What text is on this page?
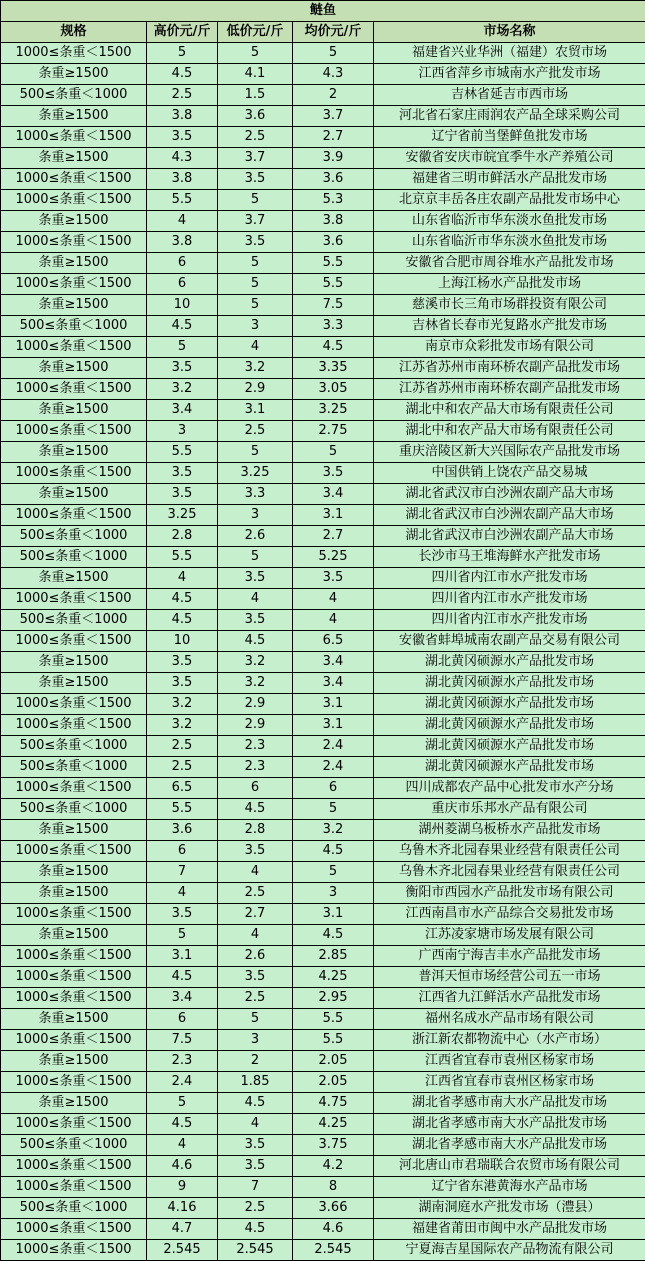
鲢鱼				
规格	高价元/斤	低价元/斤	均价元/斤	市场名称
1000≤条重＜1500	5	5	5	福建省兴业华洲（福建）农贸市场
条重≥1500	4.5	4.1	4.3	江西省萍乡市城南水产批发市场
500≤条重＜1000	2.5	1.5	2	吉林省延吉市西市场
条重≥1500	3.8	3.6	3.7	河北省石家庄雨润农产品全球采购公司
1000≤条重＜1500	3.5	2.5	2.7	辽宁省前当堡鲜鱼批发市场
条重≥1500	4.3	3.7	3.9	安徽省安庆市皖宜季牛水产养殖公司
1000≤条重＜1500	3.8	3.5	3.6	福建省三明市鲜活水产品批发市场
1000≤条重＜1500	5.5	5	5.3	北京京丰岳各庄农副产品批发市场中心
条重≥1500	4	3.7	3.8	山东省临沂市华东淡水鱼批发市场
1000≤条重＜1500	3.8	3.5	3.6	山东省临沂市华东淡水鱼批发市场
条重≥1500	6	5	5.5	安徽省合肥市周谷堆水产品批发市场
1000≤条重＜1500	6	5	5.5	上海江杨水产品批发市场
条重≥1500	10	5	7.5	慈溪市长三角市场群投资有限公司
500≤条重＜1000	4.5	3	3.3	吉林省长春市光复路水产批发市场
1000≤条重＜1500	5	4	4.5	南京市众彩批发市场有限公司
条重≥1500	3.5	3.2	3.35	江苏省苏州市南环桥农副产品批发市场
1000≤条重＜1500	3.2	2.9	3.05	江苏省苏州市南环桥农副产品批发市场
条重≥1500	3.4	3.1	3.25	湖北中和农产品大市场有限责任公司
1000≤条重＜1500	3	2.5	2.75	湖北中和农产品大市场有限责任公司
条重≥1500	5.5	5	5	重庆涪陵区新大兴国际农产品批发市场
1000≤条重＜1500	3.5	3.25	3.5	中国供销上饶农产品交易城
条重≥1500	3.5	3.3	3.4	湖北省武汉市白沙洲农副产品大市场
1000≤条重＜1500	3.25	3	3.1	湖北省武汉市白沙洲农副产品大市场
500≤条重＜1000	2.8	2.6	2.7	湖北省武汉市白沙洲农副产品大市场
500≤条重＜1000	5.5	5	5.25	长沙市马王堆海鲜水产批发市场
条重≥1500	4	3.5	3.5	四川省内江市水产批发市场
1000≤条重＜1500	4.5	4	4	四川省内江市水产批发市场
500≤条重＜1000	4.5	3.5	4	四川省内江市水产批发市场
1000≤条重＜1500	10	4.5	6.5	安徽省蚌埠城南农副产品交易有限公司
条重≥1500	3.5	3.2	3.4	湖北黄冈硕源水产品批发市场
条重≥1500	3.5	3.2	3.4	湖北黄冈硕源水产品批发市场
1000≤条重＜1500	3.2	2.9	3.1	湖北黄冈硕源水产品批发市场
1000≤条重＜1500	3.2	2.9	3.1	湖北黄冈硕源水产品批发市场
500≤条重＜1000	2.5	2.3	2.4	湖北黄冈硕源水产品批发市场
500≤条重＜1000	2.5	2.3	2.4	湖北黄冈硕源水产品批发市场
1000≤条重＜1500	6.5	6	6	四川成都农产品中心批发市水产分场
500≤条重＜1000	5.5	4.5	5	重庆市乐邦水产品有限公司
条重≥1500	3.6	2.8	3.2	湖州菱湖乌板桥水产品批发市场
1000≤条重＜1500	6	3.5	4.5	乌鲁木齐北园春果业经营有限责任公司
条重≥1500	7	4	5	乌鲁木齐北园春果业经营有限责任公司
条重≥1500	4	2.5	3	衡阳市西园水产品批发市场有限公司
1000≤条重＜1500	3.5	2.7	3.1	江西南昌市水产品综合交易批发市场
条重≥1500	5	4	4.5	江苏凌家塘市场发展有限公司
1000≤条重＜1500	3.1	2.6	2.85	广西南宁海吉丰水产品批发市场
1000≤条重＜1500	4.5	3.5	4.25	普洱天恒市场经营公司五一市场
1000≤条重＜1500	3.4	2.5	2.95	江西省九江鲜活水产品批发市场
条重≥1500	6	5	5.5	福州名成水产品市场有限公司
1000≤条重＜1500	7.5	3	5.5	浙江新农都物流中心（水产市场）
条重≥1500	2.3	2	2.05	江西省宜春市袁州区杨家市场
1000≤条重＜1500	2.4	1.85	2.05	江西省宜春市袁州区杨家市场
条重≥1500	5	4.5	4.75	湖北省孝感市南大水产品批发市场
1000≤条重＜1500	4.5	4	4.25	湖北省孝感市南大水产品批发市场
500≤条重＜1000	4	3.5	3.75	湖北省孝感市南大水产品批发市场
1000≤条重＜1500	4.6	3.5	4.2	河北唐山市君瑞联合农贸市场有限公司
1000≤条重＜1500	9	7	8	辽宁省东港黄海水产品市场
500≤条重＜1000	4.16	2.5	3.66	湖南洞庭水产批发市场（澧县）
1000≤条重＜1500	4.7	4.5	4.6	福建省莆田市闽中水产品批发市场
1000≤条重＜1500	2.545	2.545	2.545	宁夏海吉星国际农产品物流有限公司
